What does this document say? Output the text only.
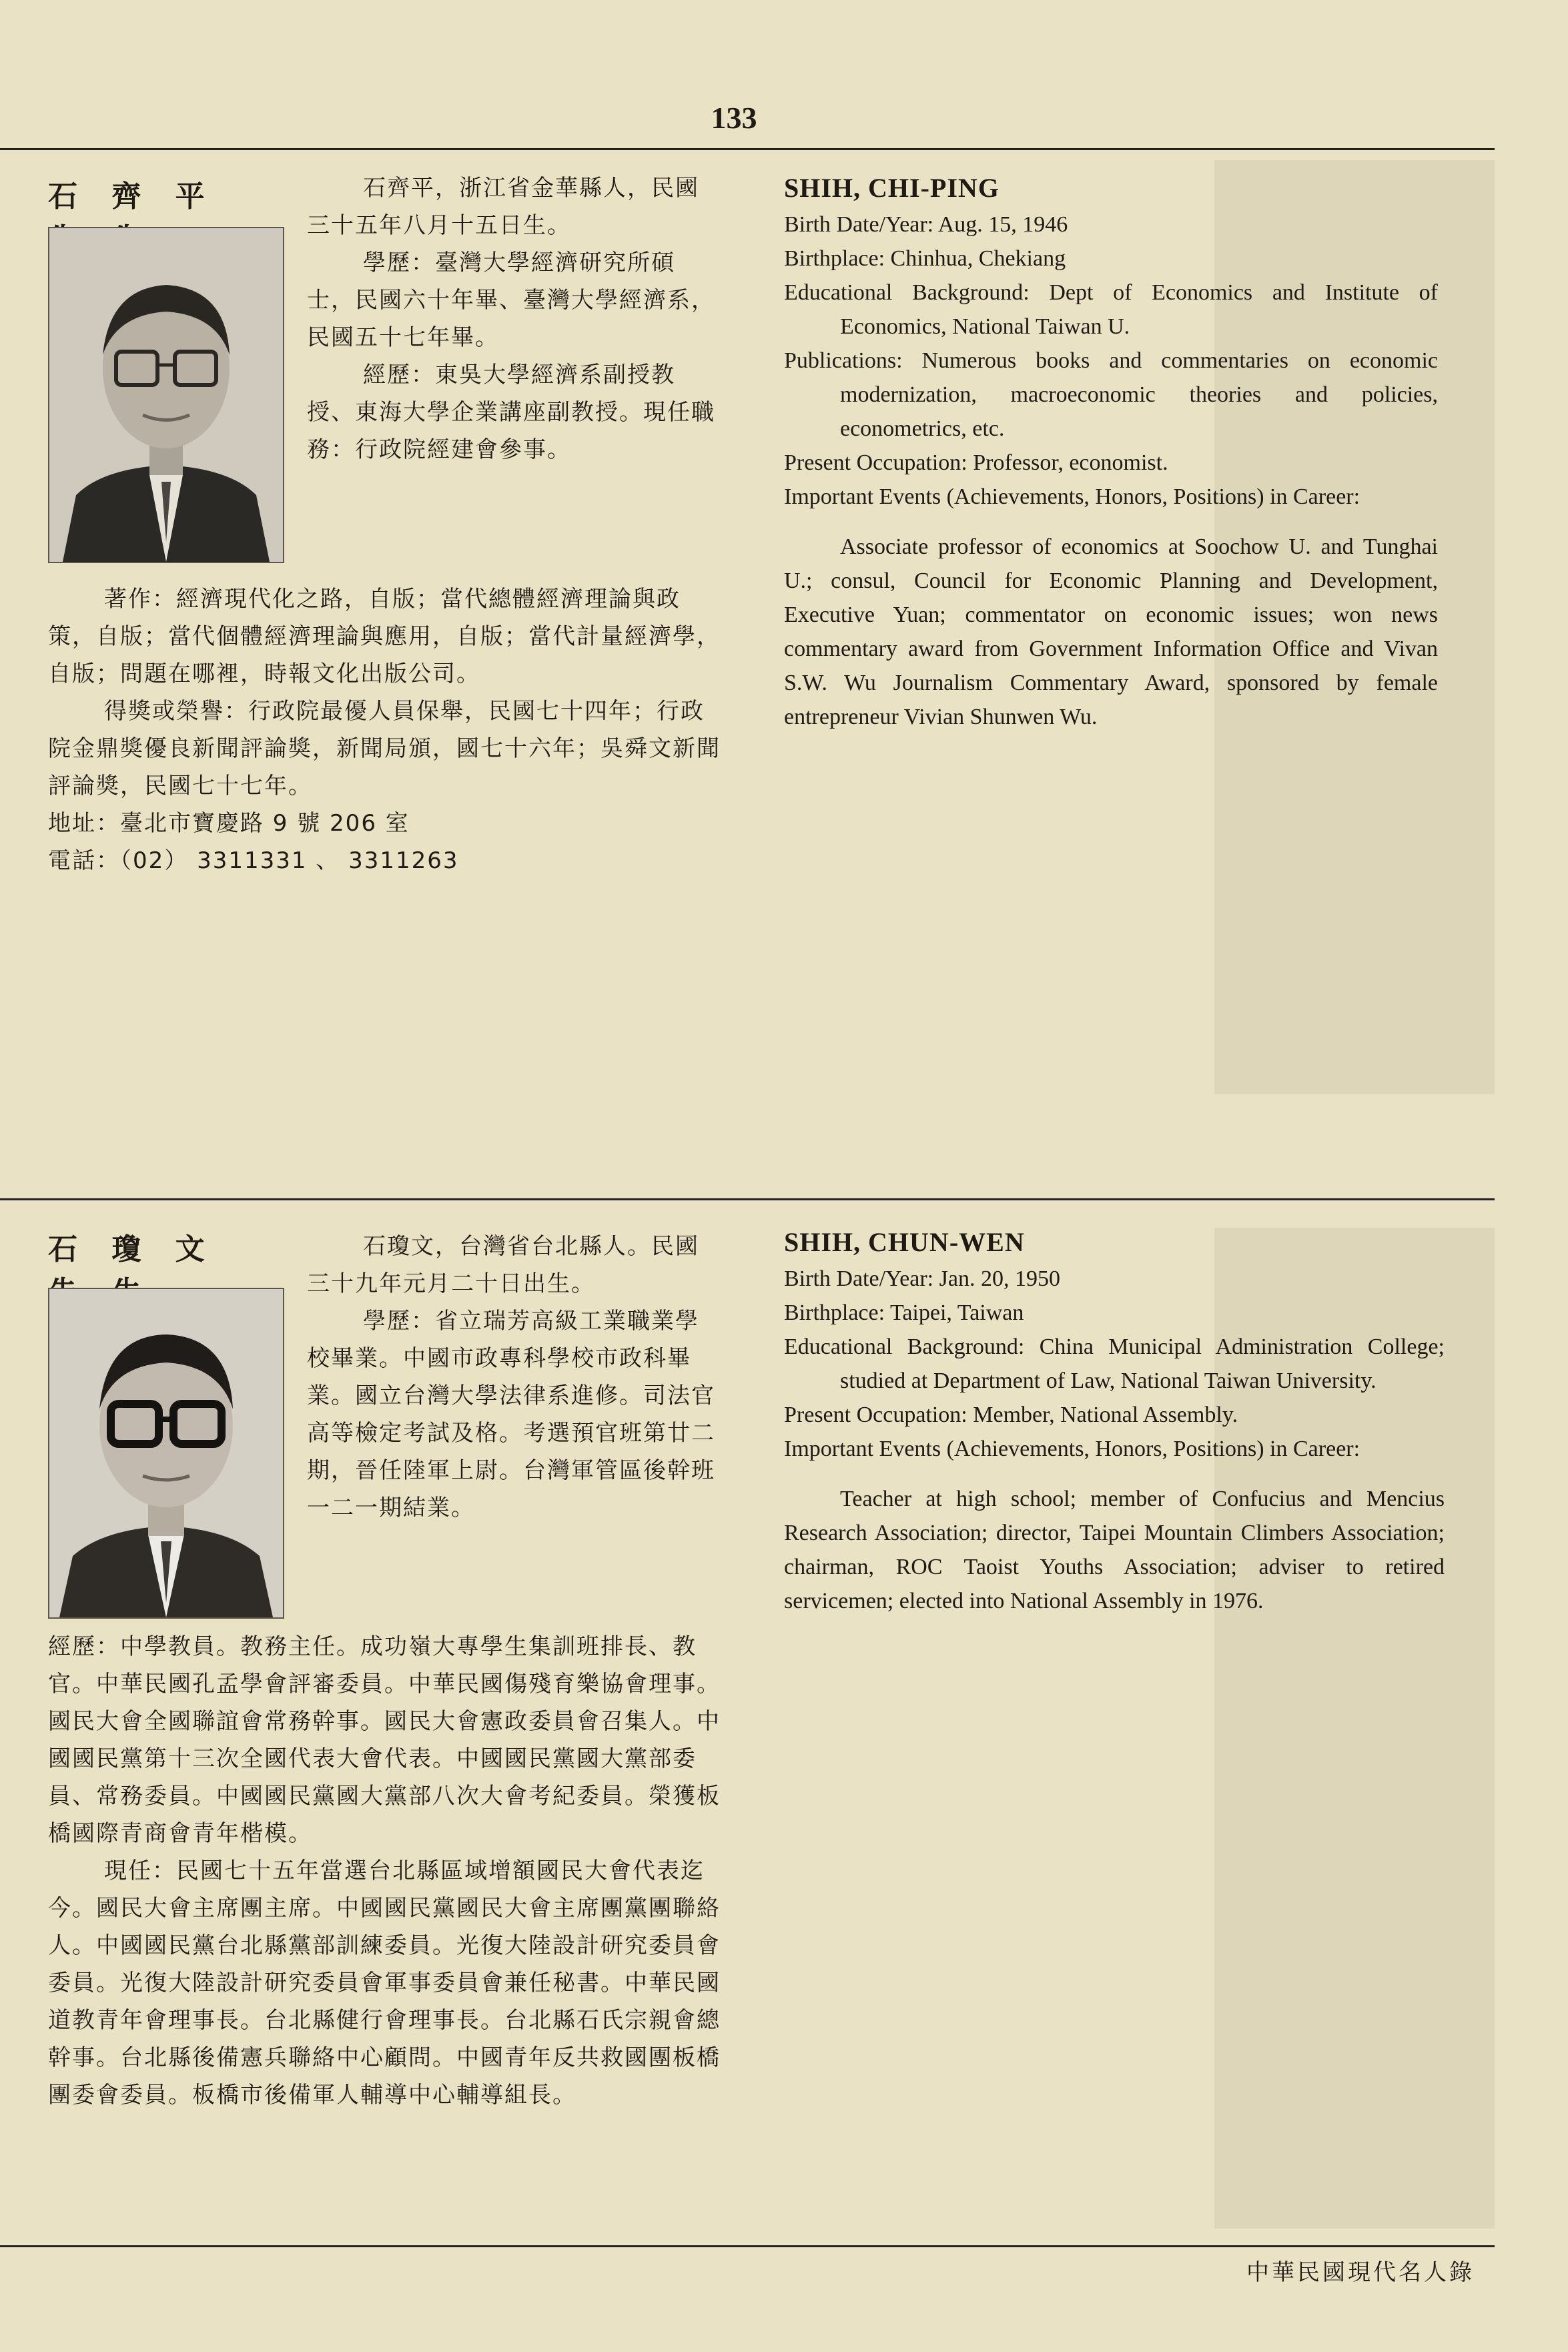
133
石 齊 平	石齊平，浙江省金華縣人，民國三十五年八月十五日生。

學歷：臺灣大學經濟研究所碩士，民國六十年畢、臺灣大學經濟系，民國五十七年畢。

經歷：東吳大學經濟系副授教授、東海大學企業講座副教授。現任職務：行政院經建會參事。

著作：經濟現代化之路，自版；當代總體經濟理論與政策，自版；當代個體經濟理論與應用，自版；當代計量經濟學，自版；問題在哪裡，時報文化出版公司。

得獎或榮譽：行政院最優人員保舉，民國七十四年；行政院金鼎獎優良新聞評論獎，新聞局頒，國七十六年；吳舜文新聞評論獎，民國七十七年。

地址：臺北市寶慶路 9 號 206 室

電話：（02） 3311331 、 3311263

SHIH, CHI-PING

Birth Date/Year: Aug. 15, 1946

Birthplace: Chinhua, Chekiang

Educational Background: Dept of Economics and Institute of Economics, National Taiwan U.

Publications: Numerous books and commentaries on economic modernization, macroeconomic theories and policies, econometrics, etc.

Present Occupation: Professor, economist.

Important Events (Achievements, Honors, Positions) in Career:

Associate professor of economics at Soochow U. and Tunghai U.; consul, Council for Economic Planning and Development, Executive Yuan; commentator on economic issues; won news commentary award from Government Information Office and Vivan S.W. Wu Journalism Commentary Award, sponsored by female entrepreneur Vivian Shunwen Wu.

石 瓊 文	石瓊文，台灣省台北縣人。民國三十九年元月二十日出生。

學歷：省立瑞芳高級工業職業學校畢業。中國市政專科學校市政科畢業。國立台灣大學法律系進修。司法官高等檢定考試及格。考選預官班第廿二期，晉任陸軍上尉。台灣軍管區後幹班一二一期結業。

經歷：中學教員。教務主任。成功嶺大專學生集訓班排長、教官。中華民國孔孟學會評審委員。中華民國傷殘育樂協會理事。國民大會全國聯誼會常務幹事。國民大會憲政委員會召集人。中國國民黨第十三次全國代表大會代表。中國國民黨國大黨部委員、常務委員。中國國民黨國大黨部八次大會考紀委員。榮獲板橋國際青商會青年楷模。

現任：民國七十五年當選台北縣區域增額國民大會代表迄今。國民大會主席團主席。中國國民黨國民大會主席團黨團聯絡人。中國國民黨台北縣黨部訓練委員。光復大陸設計研究委員會委員。光復大陸設計研究委員會軍事委員會兼任秘書。中華民國道教青年會理事長。台北縣健行會理事長。台北縣石氏宗親會總幹事。台北縣後備憲兵聯絡中心顧問。中國青年反共救國團板橋團委會委員。板橋市後備軍人輔導中心輔導組長。

SHIH, CHUN-WEN

Birth Date/Year: Jan. 20, 1950

Birthplace: Taipei, Taiwan

Educational Background: China Municipal Administration College; studied at Department of Law, National Taiwan University.

Present Occupation: Member, National Assembly.

Important Events (Achievements, Honors, Positions) in Career:

Teacher at high school; member of Confucius and Mencius Research Association; director, Taipei Mountain Climbers Association; chairman, ROC Taoist Youths Association; adviser to retired servicemen; elected into National Assembly in 1976.

中華民國現代名人錄
